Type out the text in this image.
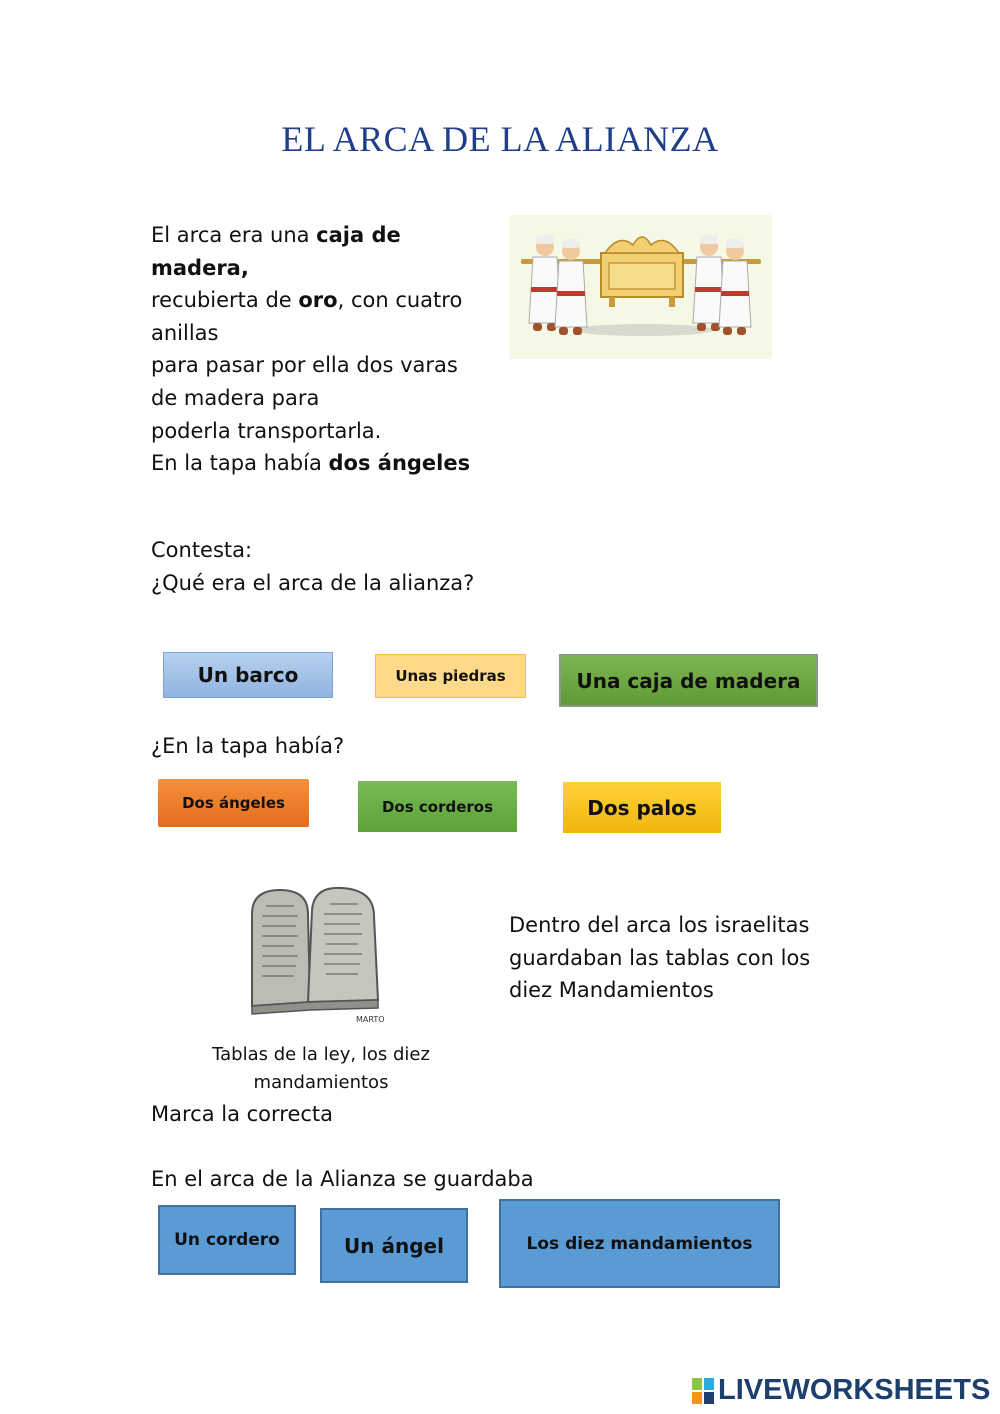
EL ARCA DE LA ALIANZA
El arca era una caja de
madera,
recubierta de oro, con cuatro
anillas
para pasar por ella dos varas
de madera para
poderla transportarla.
En la tapa había dos ángeles
Contesta:
¿Qué era el arca de la alianza?
Un barco	Unas piedras	Una caja de madera
¿En la tapa había?
Dos ángeles	Dos corderos	Dos palos
MARTO
Tablas de la ley, los diez
mandamientos
Dentro del arca los israelitas
guardaban las tablas con los
diez Mandamientos
Marca la correcta
En el arca de la Alianza se guardaba
Un cordero	Un ángel	Los diez mandamientos
LIVEWORKSHEETS
